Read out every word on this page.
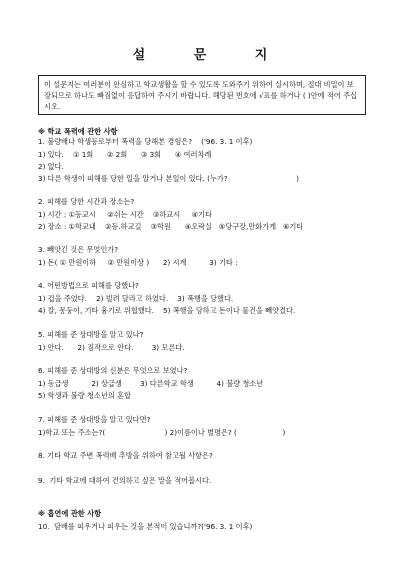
설 문 지
이 설문지는 여러분이 안심하고 학교생활을 할 수 있도록 도와주기 위하여 실시하며, 절대 비밀이 보장되므로 하나도 빠짐없이 응답하여 주시기 바랍니다. 해당된 번호에 √표를 하거나 ( )안에 적어 주십시오.
※ 학교 폭력에 관한 사항
1. 불량배나 학생등로부터 폭력을 당해본 경험은?    ('96. 3. 1 이후)
1) 있다.    ① 1회      ② 2회      ③ 3회      ④ 여러차례
2) 없다.
3) 다른 학생이 피해를 당한 일을 알거나 본일이 있다. (누가?                              )
2. 피해를 당한 시간과 장소는?
1) 시간 : ①등교시     ②쉬는 시간    ③하교시     ④기타
2) 장소 : ①학교내    ②등.하교길    ③학원      ④오락실   ⑤당구장,만화가게   ⑥기타
3. 빼앗긴 것은 무엇인가?
1) 돈( ① 만원이하     ② 만원이상 )      2) 시계          3) 기타 :
4. 어떤방법으로 피해를 당했나?
1) 겁을 주었다.    2) 빌려 달라고 하였다.    3) 폭행을 당했다.
4) 칼, 몽둥이, 기타 흉기로 위협했다.    5) 폭행을 당하고 돈이나 물건을 빼앗겼다.
5. 피해를 준 상대방을 알고 있나?
1) 안다.      2) 짐작으로 안다.        3) 모른다.
6. 피해를 준 상대방의 신분은 무엇으로 보였나?
1) 동급생          2) 상급생        3) 다른학교 학생          4) 불량 청소년
5) 학생과 불량 청소년의 혼합
7. 피해를 준 상대방을 알고 있다면?
1)학교 또는 주소는?(                          ) 2)이름이나 별명은? (                    )
8. 기타 학교 주변 폭력배 추방을 위하여 참고될 사항은?
9.  기타 학교에 대하여 건의하고 싶은 말을 적어봅시다.
※ 흡연에 관한 사항
10.  담배를 피우거나 피우는 것을 본적이 있습니까?('96. 3. 1 이후)
